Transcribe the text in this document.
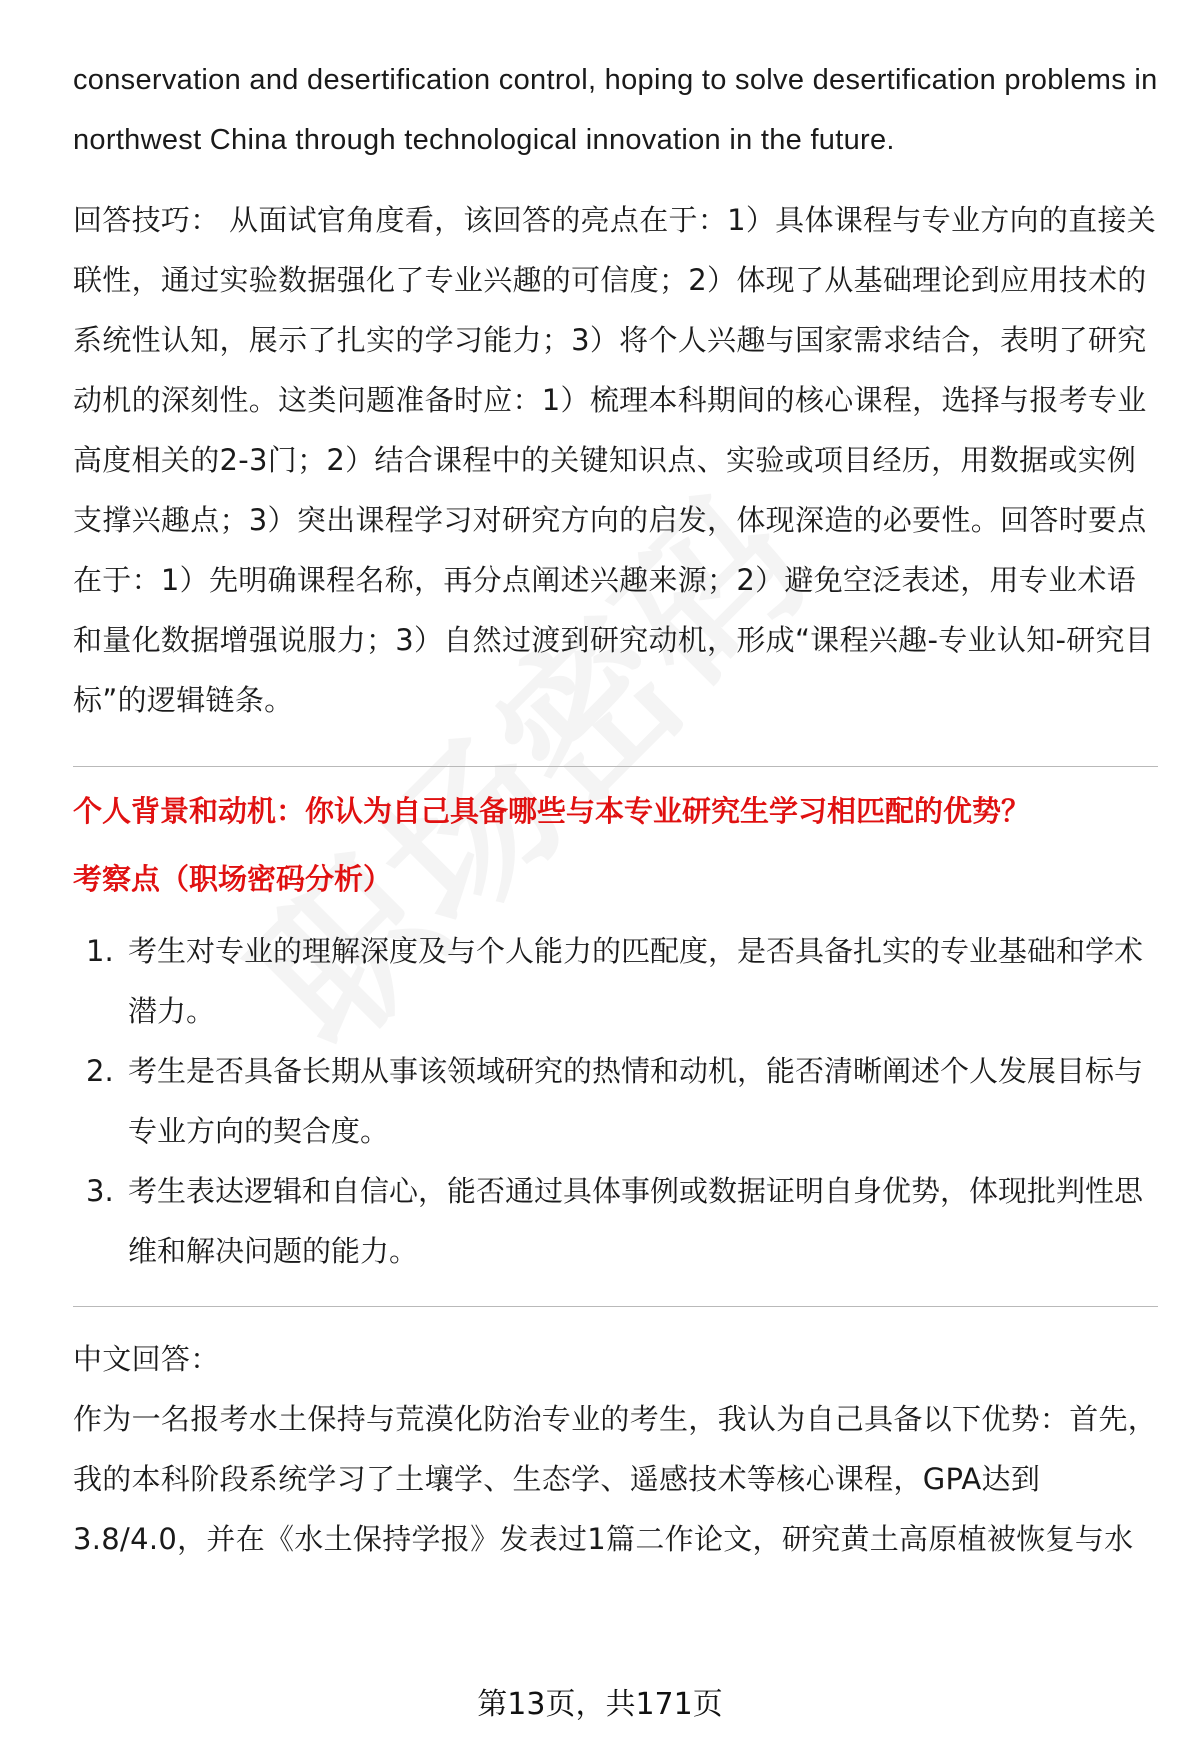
conservation and desertification control, hoping to solve desertification problems in northwest China through technological innovation in the future.

回答技巧： 从面试官角度看，该回答的亮点在于：1）具体课程与专业方向的直接关联性，通过实验数据强化了专业兴趣的可信度；2）体现了从基础理论到应用技术的系统性认知，展示了扎实的学习能力；3）将个人兴趣与国家需求结合，表明了研究动机的深刻性。这类问题准备时应：1）梳理本科期间的核心课程，选择与报考专业高度相关的2-3门；2）结合课程中的关键知识点、实验或项目经历，用数据或实例支撑兴趣点；3）突出课程学习对研究方向的启发，体现深造的必要性。回答时要点在于：1）先明确课程名称，再分点阐述兴趣来源；2）避免空泛表述，用专业术语和量化数据增强说服力；3）自然过渡到研究动机，形成“课程兴趣-专业认知-研究目标”的逻辑链条。

个人背景和动机：你认为自己具备哪些与本专业研究生学习相匹配的优势？

考察点（职场密码分析）

1. 考生对专业的理解深度及与个人能力的匹配度，是否具备扎实的专业基础和学术潜力。
2. 考生是否具备长期从事该领域研究的热情和动机，能否清晰阐述个人发展目标与专业方向的契合度。
3. 考生表达逻辑和自信心，能否通过具体事例或数据证明自身优势，体现批判性思维和解决问题的能力。

中文回答：

作为一名报考水土保持与荒漠化防治专业的考生，我认为自己具备以下优势：首先，我的本科阶段系统学习了土壤学、生态学、遥感技术等核心课程，GPA达到3.8/4.0，并在《水土保持学报》发表过1篇二作论文，研究黄土高原植被恢复与水

第13页，共171页
